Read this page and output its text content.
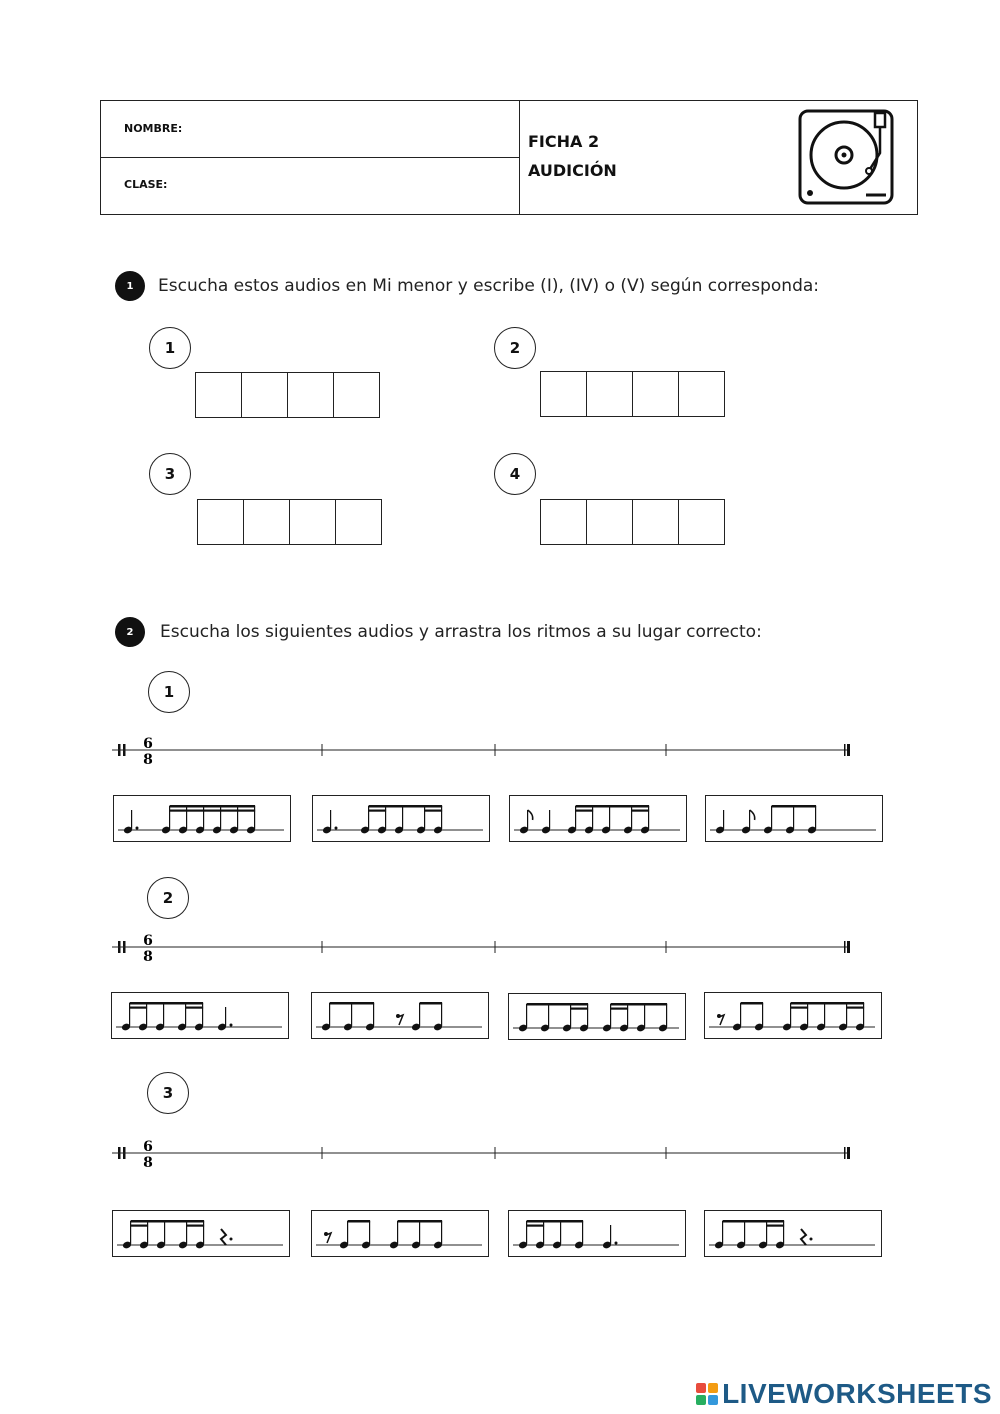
NOMBRE:
CLASE:
FICHA 2
AUDICIÓN
1	Escucha estos audios en Mi menor y escribe (I), (IV) o (V) según corresponda:
1	2
3	4
2	Escucha los siguientes audios y arrastra los ritmos a su lugar correcto:
1
2
3
6
8
6
8
6
8
LIVEWORKSHEETS
